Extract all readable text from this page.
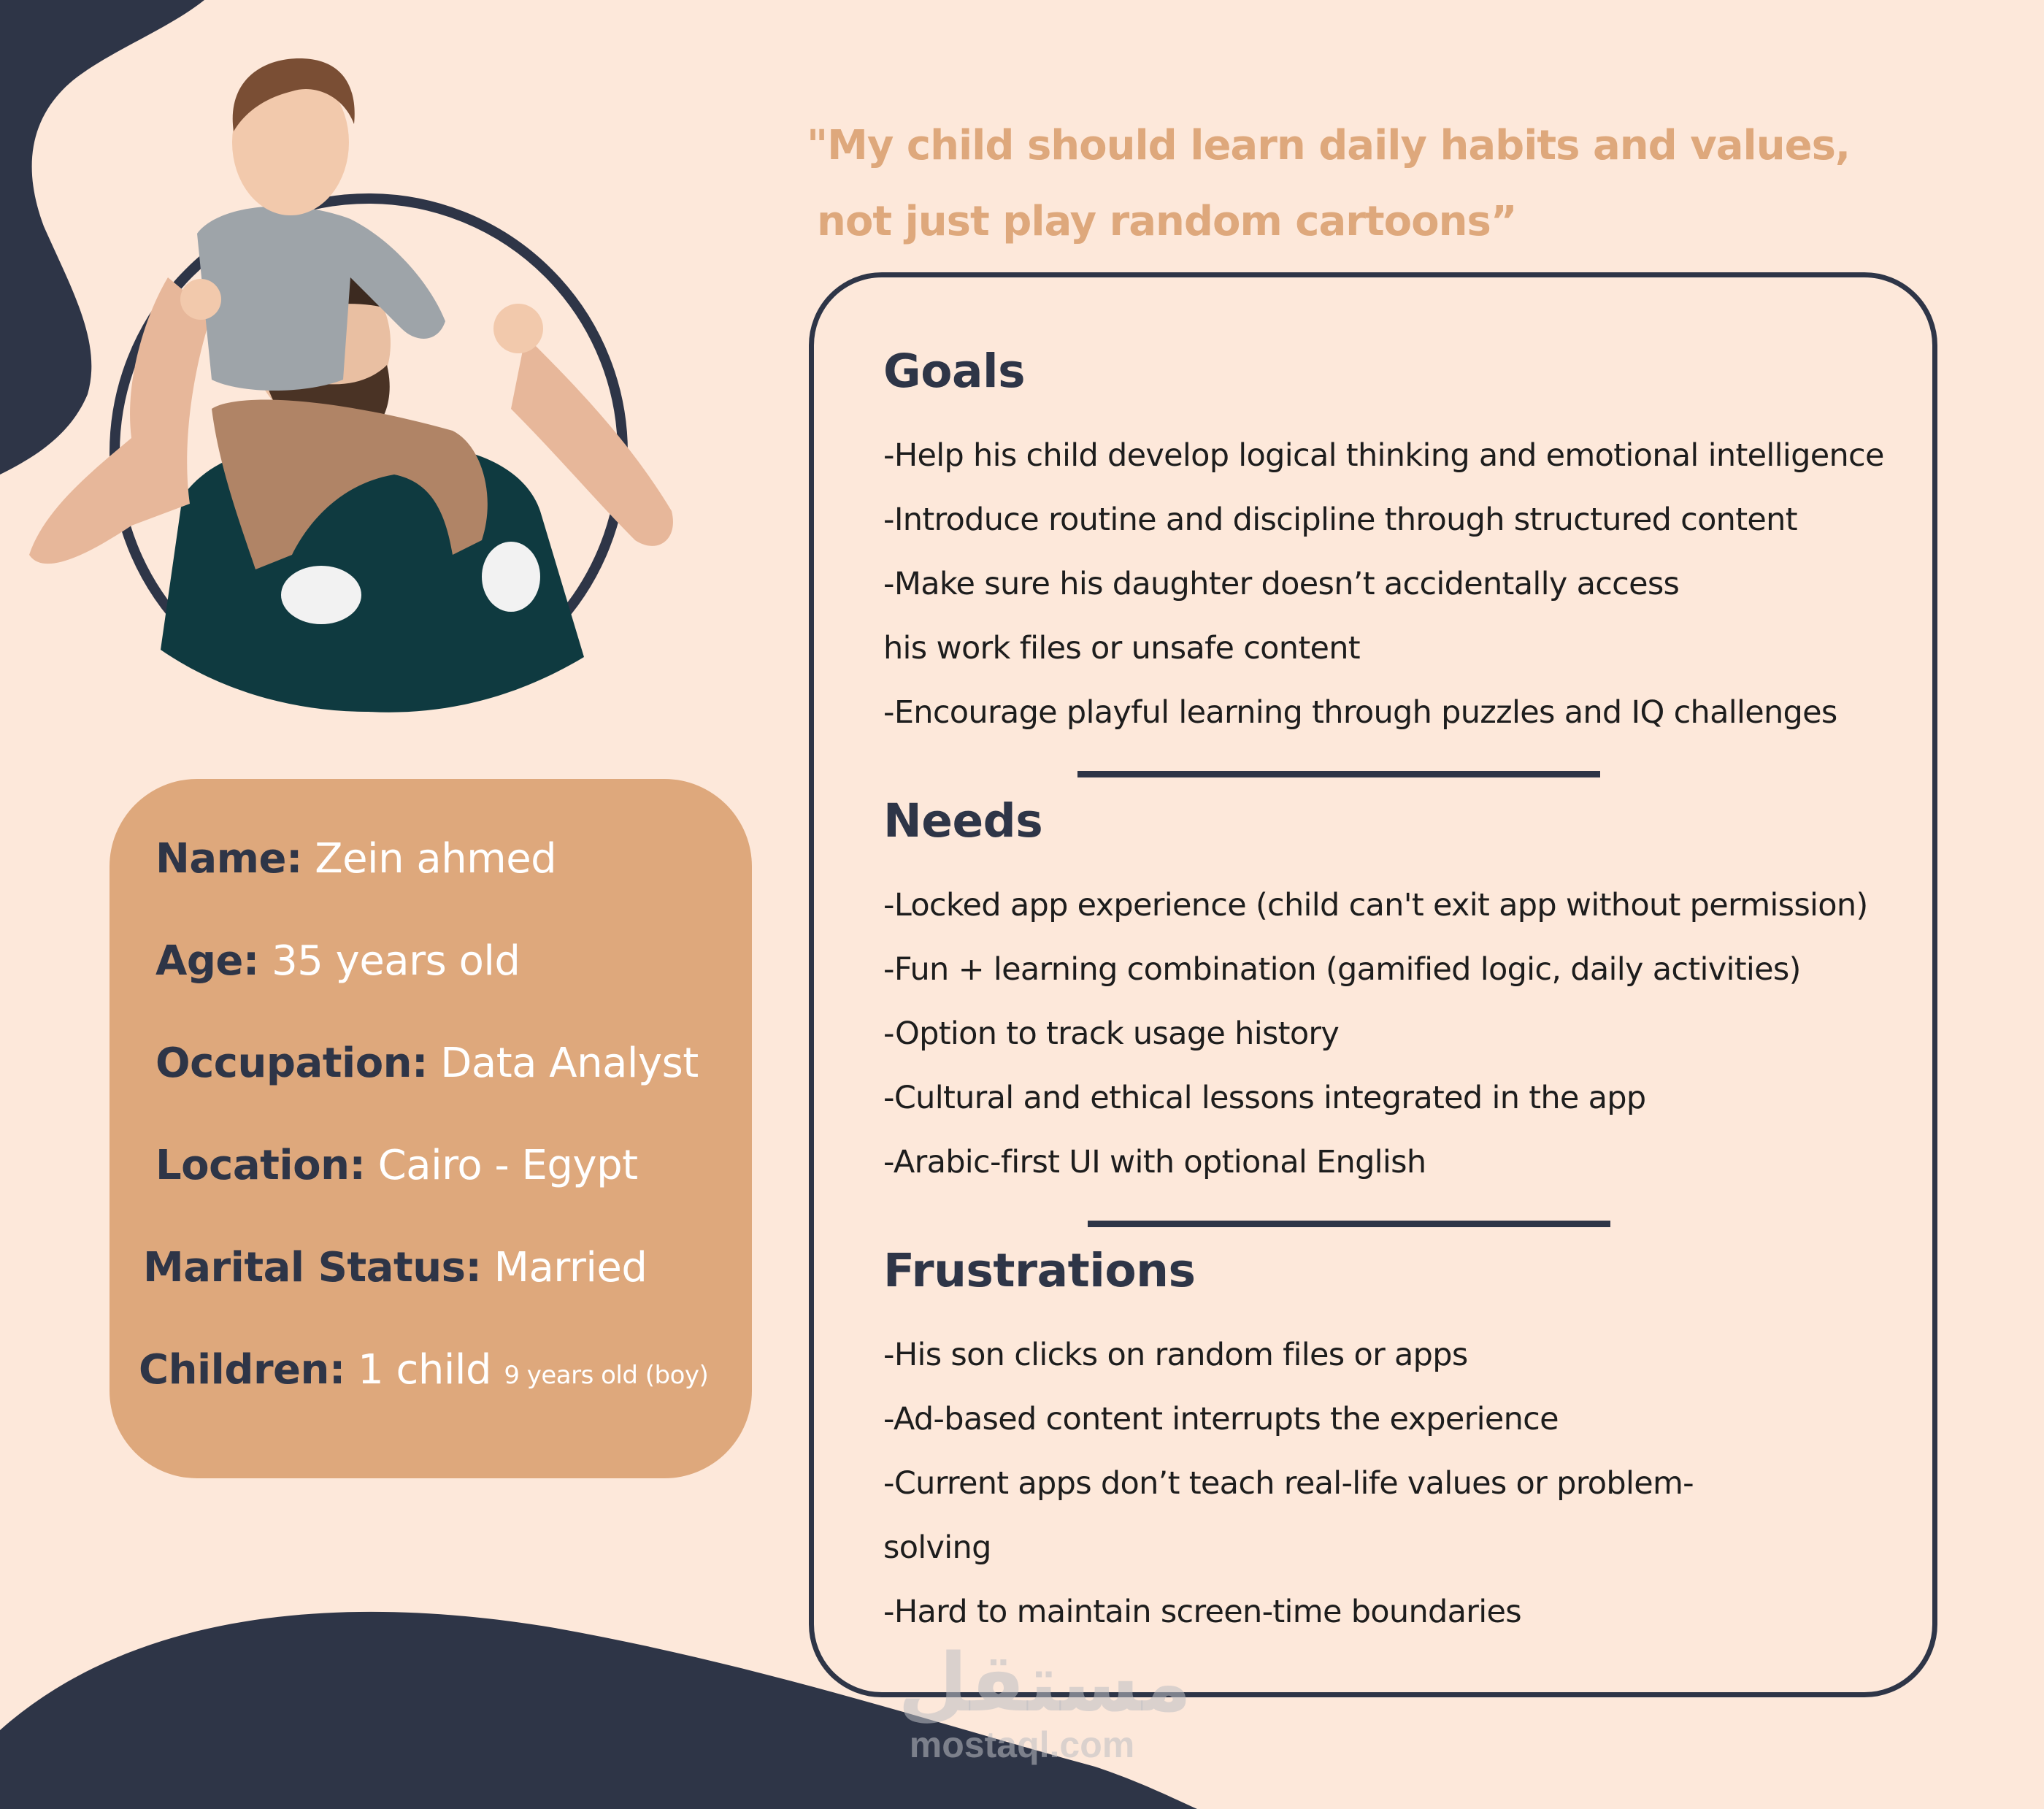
"My child should learn daily habits and values,
not just play random cartoons”
Name: Zein ahmed
Age: 35 years old
Occupation: Data Analyst
Location: Cairo - Egypt
Marital Status: Married
Children: 1 child 9 years old (boy)
Goals
-Help his child develop logical thinking and emotional intelligence
-Introduce routine and discipline through structured content
-Make sure his daughter doesn’t accidentally access
his work files or unsafe content
-Encourage playful learning through puzzles and IQ challenges
Needs
-Locked app experience (child can't exit app without permission)
-Fun + learning combination (gamified logic, daily activities)
-Option to track usage history
-Cultural and ethical lessons integrated in the app
-Arabic-first UI with optional English
Frustrations
-His son clicks on random files or apps
-Ad-based content interrupts the experience
-Current apps don’t teach real-life values or problem-
solving
-Hard to maintain screen-time boundaries
مستقل
mostaql.com
